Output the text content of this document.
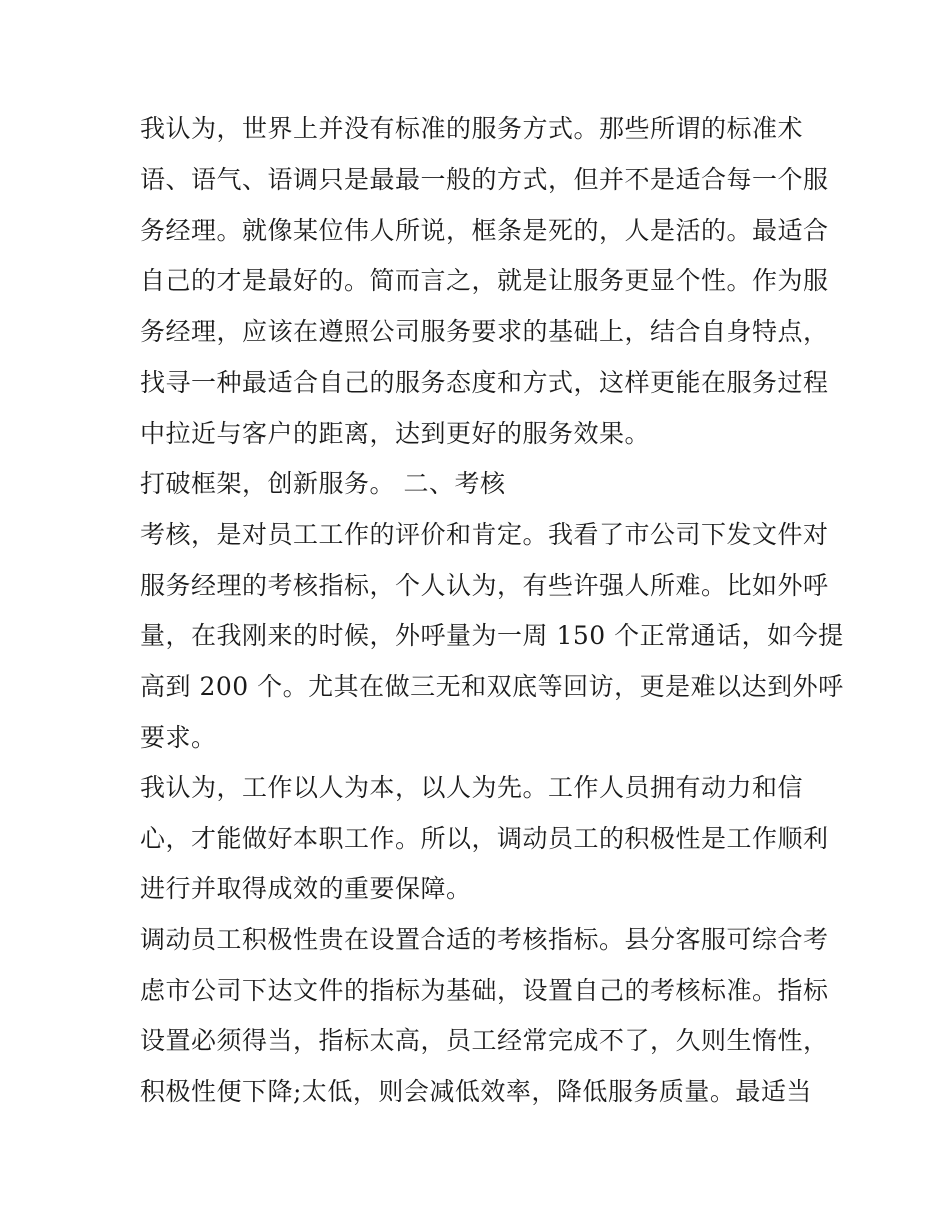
我认为，世界上并没有标准的服务方式。那些所谓的标准术
语、语气、语调只是最最一般的方式，但并不是适合每一个服
务经理。就像某位伟人所说，框条是死的，人是活的。最适合
自己的才是最好的。简而言之，就是让服务更显个性。作为服
务经理，应该在遵照公司服务要求的基础上，结合自身特点，
找寻一种最适合自己的服务态度和方式，这样更能在服务过程
中拉近与客户的距离，达到更好的服务效果。
打破框架，创新服务。 二、考核
考核，是对员工工作的评价和肯定。我看了市公司下发文件对
服务经理的考核指标，个人认为，有些许强人所难。比如外呼
量，在我刚来的时候，外呼量为一周 150 个正常通话，如今提
高到 200 个。尤其在做三无和双底等回访，更是难以达到外呼
要求。
我认为，工作以人为本，以人为先。工作人员拥有动力和信
心，才能做好本职工作。所以，调动员工的积极性是工作顺利
进行并取得成效的重要保障。
调动员工积极性贵在设置合适的考核指标。县分客服可综合考
虑市公司下达文件的指标为基础，设置自己的考核标准。指标
设置必须得当，指标太高，员工经常完成不了，久则生惰性，
积极性便下降;太低，则会减低效率，降低服务质量。最适当
